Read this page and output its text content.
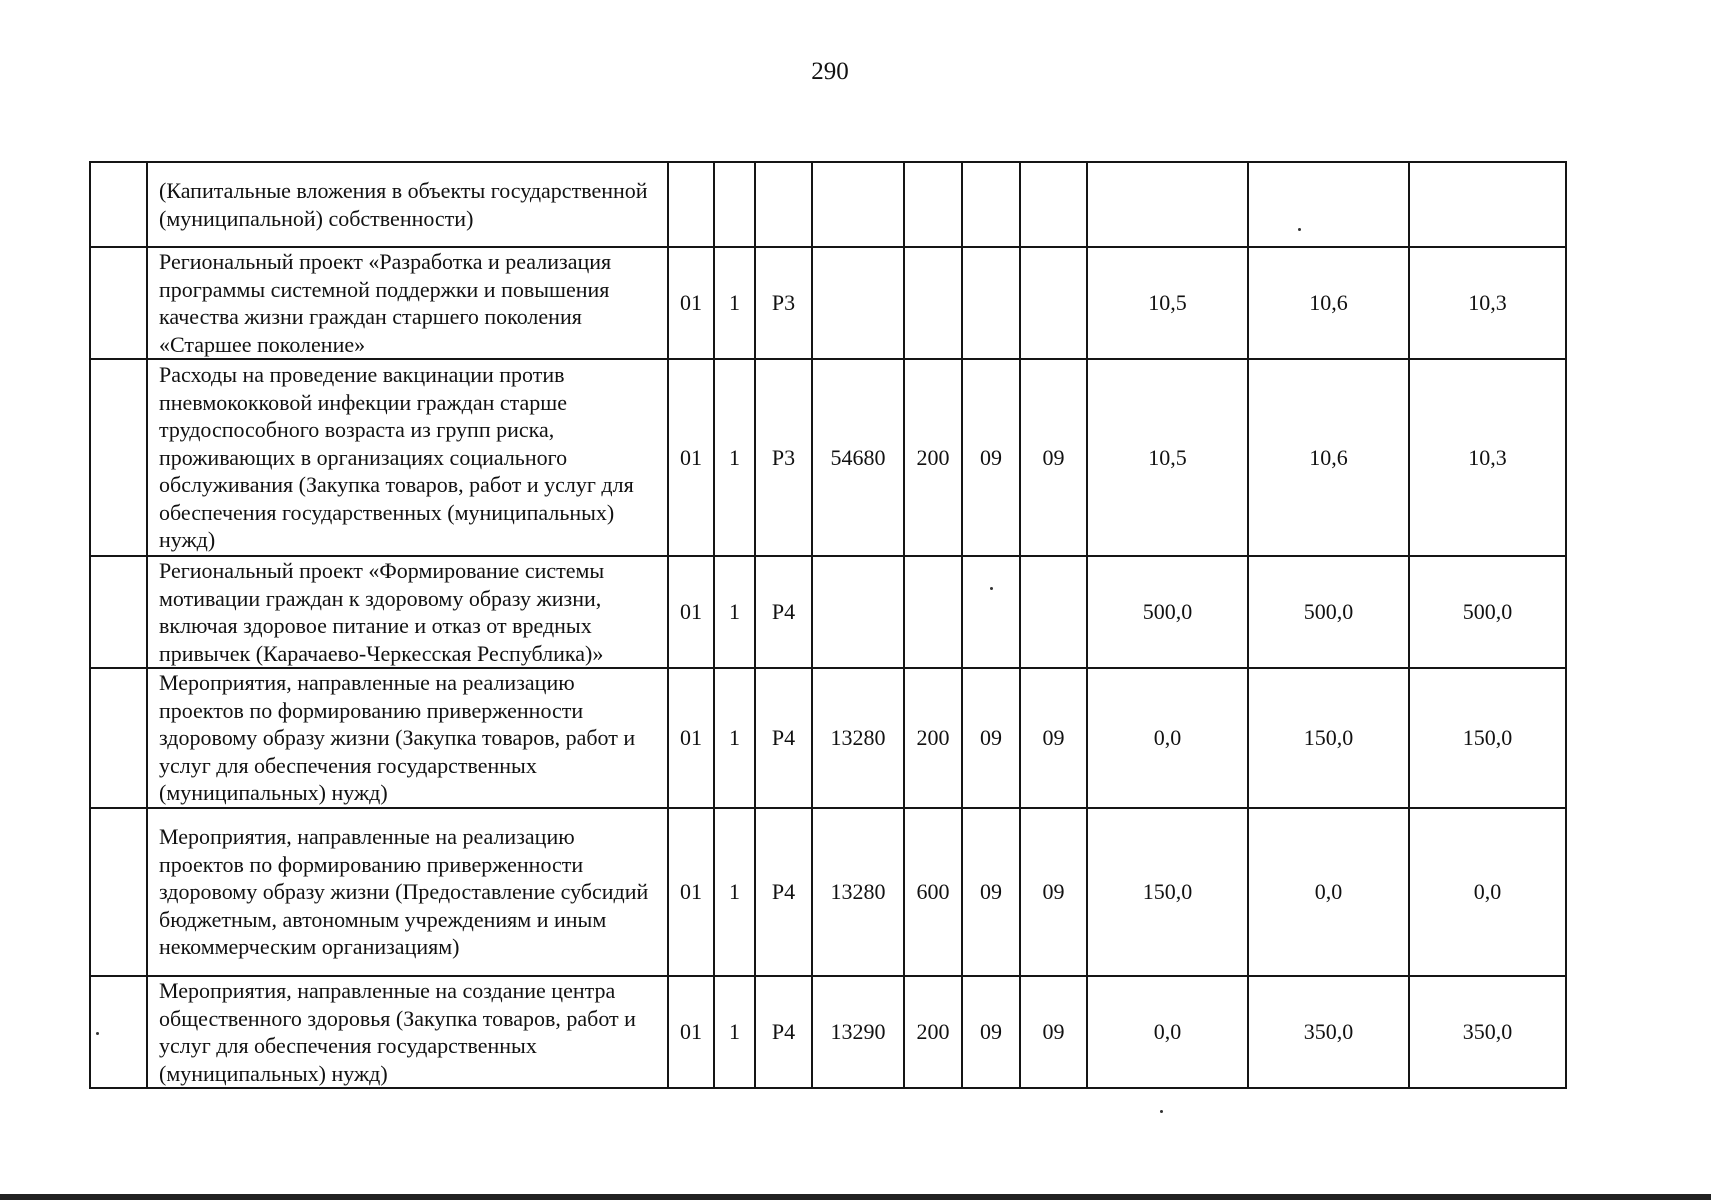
290
	(Капитальные вложения в объекты государственной (муниципальной) собственности)										
	Региональный проект «Разработка и реализация программы системной поддержки и повышения качества жизни граждан старшего поколения «Старшее поколение»	01	1	Р3					10,5	10,6	10,3
	Расходы на проведение вакцинации против пневмококковой инфекции граждан старше трудоспособного возраста из групп риска, проживающих в организациях социального обслуживания (Закупка товаров, работ и услуг для обеспечения государственных (муниципальных) нужд)	01	1	Р3	54680	200	09	09	10,5	10,6	10,3
	Региональный проект «Формирование системы мотивации граждан к здоровому образу жизни, включая здоровое питание и отказ от вредных привычек (Карачаево-Черкесская Республика)»	01	1	Р4					500,0	500,0	500,0
	Мероприятия, направленные на реализацию проектов по формированию приверженности здоровому образу жизни (Закупка товаров, работ и услуг для обеспечения государственных (муниципальных) нужд)	01	1	Р4	13280	200	09	09	0,0	150,0	150,0
	Мероприятия, направленные на реализацию проектов по формированию приверженности здоровому образу жизни (Предоставление субсидий бюджетным, автономным учреждениям и иным некоммерческим организациям)	01	1	Р4	13280	600	09	09	150,0	0,0	0,0
	Мероприятия, направленные на создание центра общественного здоровья (Закупка товаров, работ и услуг для обеспечения государственных (муниципальных) нужд)	01	1	Р4	13290	200	09	09	0,0	350,0	350,0
